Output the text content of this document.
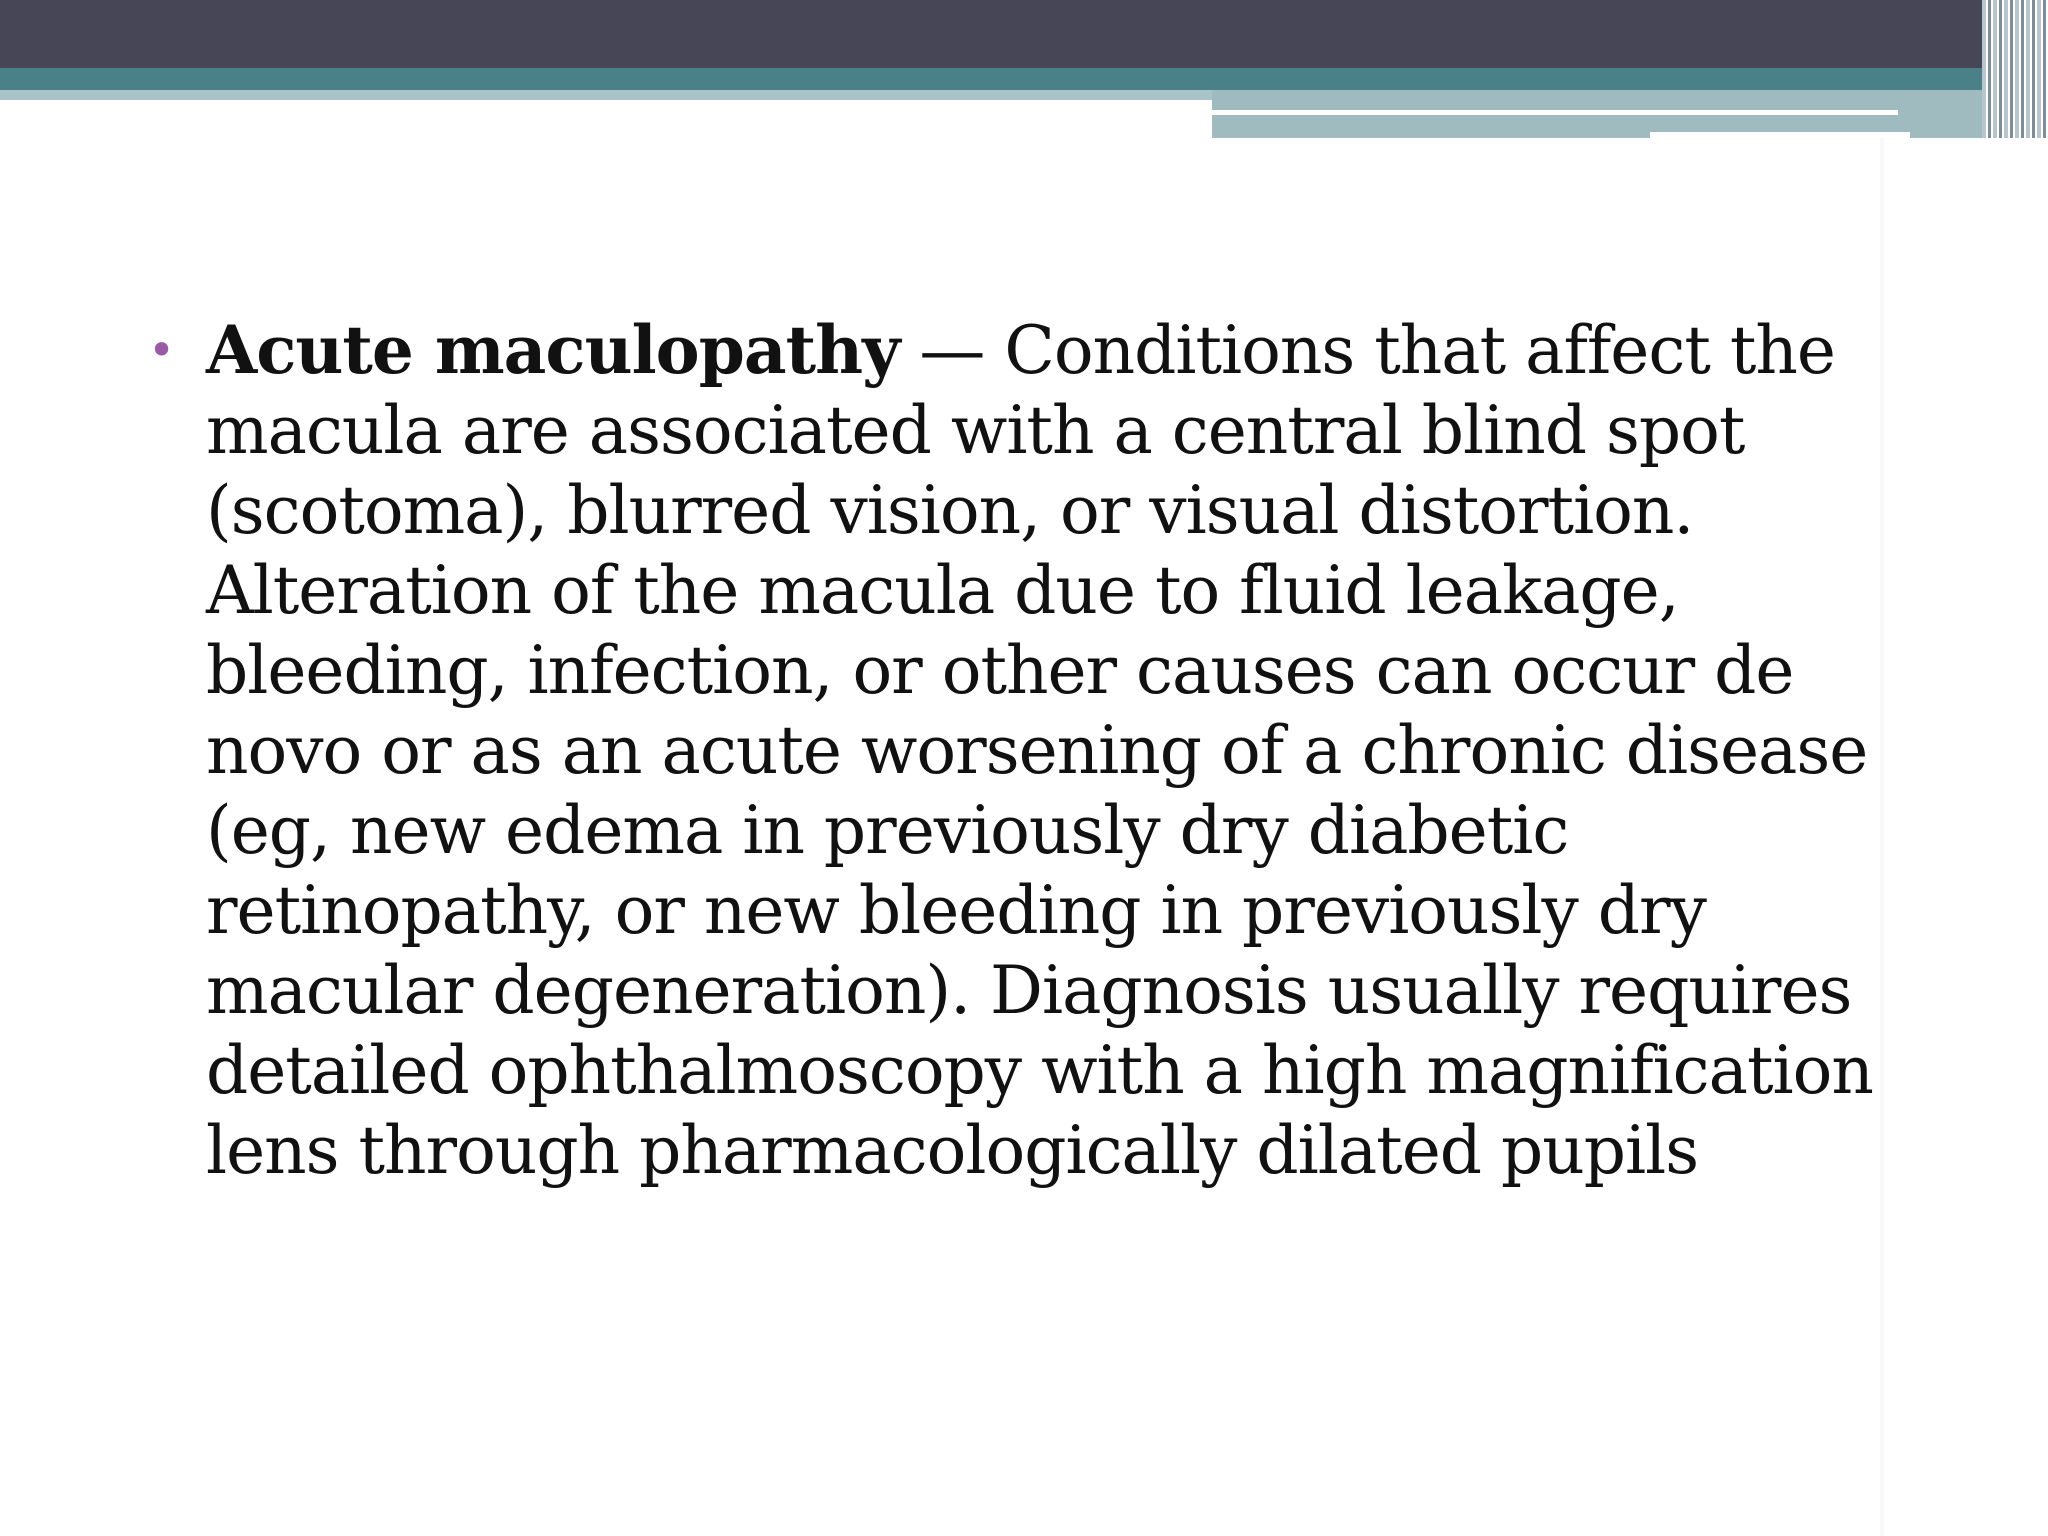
• Acute maculopathy — Conditions that affect the
macula are associated with a central blind spot
(scotoma), blurred vision, or visual distortion.
Alteration of the macula due to fluid leakage,
bleeding, infection, or other causes can occur de
novo or as an acute worsening of a chronic disease
(eg, new edema in previously dry diabetic
retinopathy, or new bleeding in previously dry
macular degeneration). Diagnosis usually requires
detailed ophthalmoscopy with a high magnification
lens through pharmacologically dilated pupils
